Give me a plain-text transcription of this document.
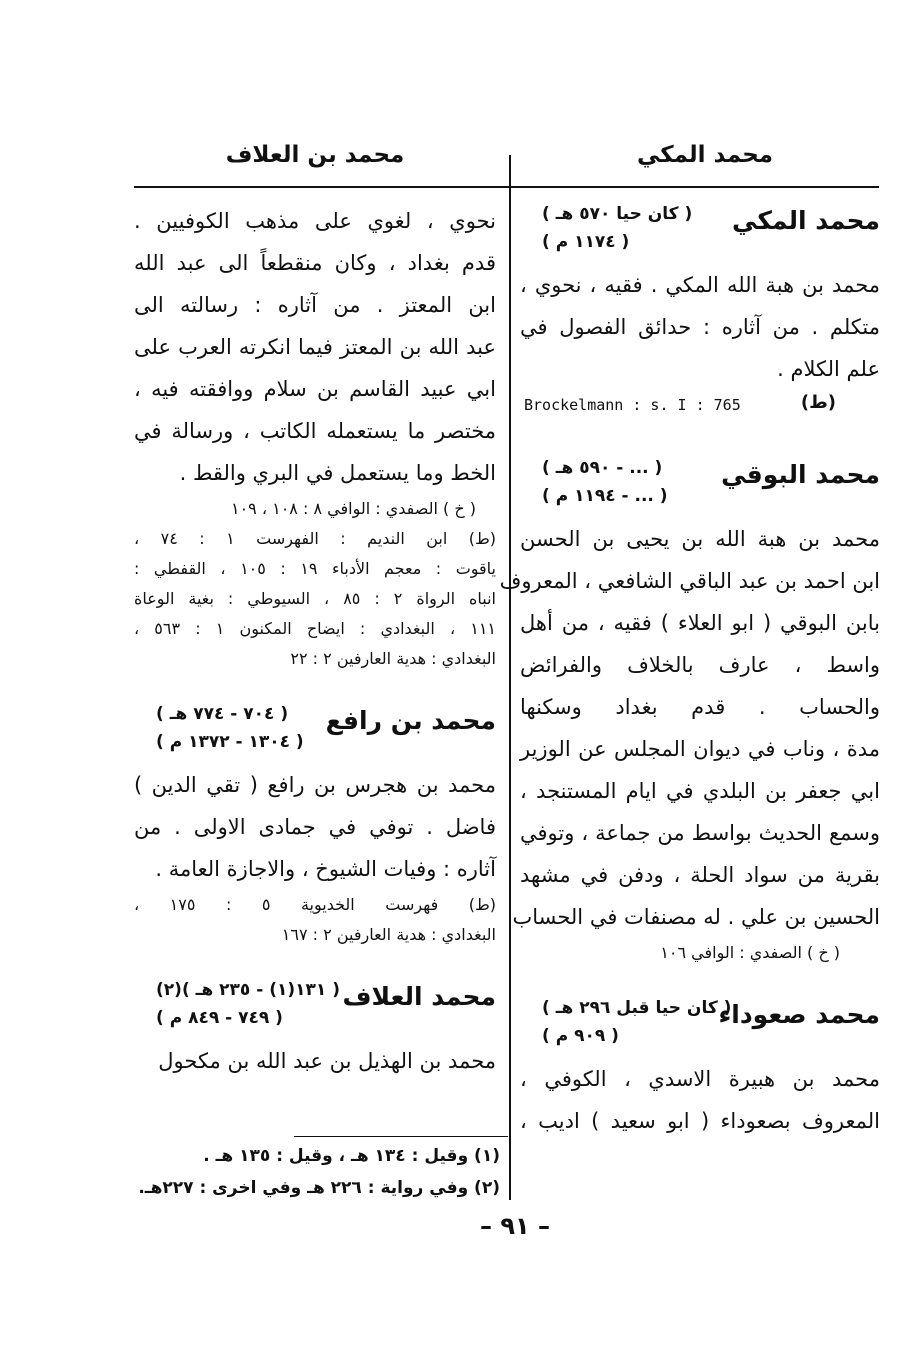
محمد بن العلاف	محمد المكي
محمد المكي
( كان حيا ٥٧٠ هـ )
( ١١٧٤ م )
محمد بن هبة الله المكي . فقيه ، نحوي ،
متكلم . من آثاره : حدائق الفصول في
علم الكلام .
Brockelmann : s. I : 765	(ط)
محمد البوقي
( ... - ٥٩٠ هـ )
( ... - ١١٩٤ م )
محمد بن هبة الله بن يحيى بن الحسن
ابن احمد بن عبد الباقي الشافعي ، المعروف
بابن البوقي ( ابو العلاء ) فقيه ، من أهل
واسط ، عارف بالخلاف والفرائض
والحساب . قدم بغداد وسكنها
مدة ، وناب في ديوان المجلس عن الوزير
ابي جعفر بن البلدي في ايام المستنجد ،
وسمع الحديث بواسط من جماعة ، وتوفي
بقرية من سواد الحلة ، ودفن في مشهد
الحسين بن علي . له مصنفات في الحساب
( خ ) الصفدي : الوافي ١٠٦
محمد صعوداء
( كان حيا قبل ٢٩٦ هـ )
( ٩٠٩ م )
محمد بن هبيرة الاسدي ، الكوفي ،
المعروف بصعوداء ( ابو سعيد ) اديب ،
نحوي ، لغوي على مذهب الكوفيين .
قدم بغداد ، وكان منقطعاً الى عبد الله
ابن المعتز . من آثاره : رسالته الى
عبد الله بن المعتز فيما انكرته العرب على
ابي عبيد القاسم بن سلام ووافقته فيه ،
مختصر ما يستعمله الكاتب ، ورسالة في
الخط وما يستعمل في البري والقط .
( خ ) الصفدي : الوافي ٨ : ١٠٨ ، ١٠٩
(ط) ابن النديم : الفهرست ١ : ٧٤ ،
ياقوت : معجم الأدباء ١٩ : ١٠٥ ، القفطي :
انباه الرواة ٢ : ٨٥ ، السيوطي : بغية الوعاة
١١١ ، البغدادي : ايضاح المكنون ١ : ٥٦٣ ،
البغدادي : هدية العارفين ٢ : ٢٢
محمد بن رافع
( ٧٠٤ - ٧٧٤ هـ )
( ١٣٠٤ - ١٣٧٢ م )
محمد بن هجرس بن رافع ( تقي الدين )
فاضل . توفي في جمادى الاولى . من
آثاره : وفيات الشيوخ ، والاجازة العامة .
(ط) فهرست الخديوية ٥ : ١٧٥ ،
البغدادي : هدية العارفين ٢ : ١٦٧
محمد العلاف
( ١٣١(١) - ٢٣٥ هـ )(٢)
( ٧٤٩ - ٨٤٩ م )
محمد بن الهذيل بن عبد الله بن مكحول
(١) وقيل : ١٣٤ هـ ، وقيل : ١٣٥ هـ .
(٢) وفي رواية : ٢٢٦ هـ وفي اخرى : ٢٢٧هـ.
– ٩١ –
